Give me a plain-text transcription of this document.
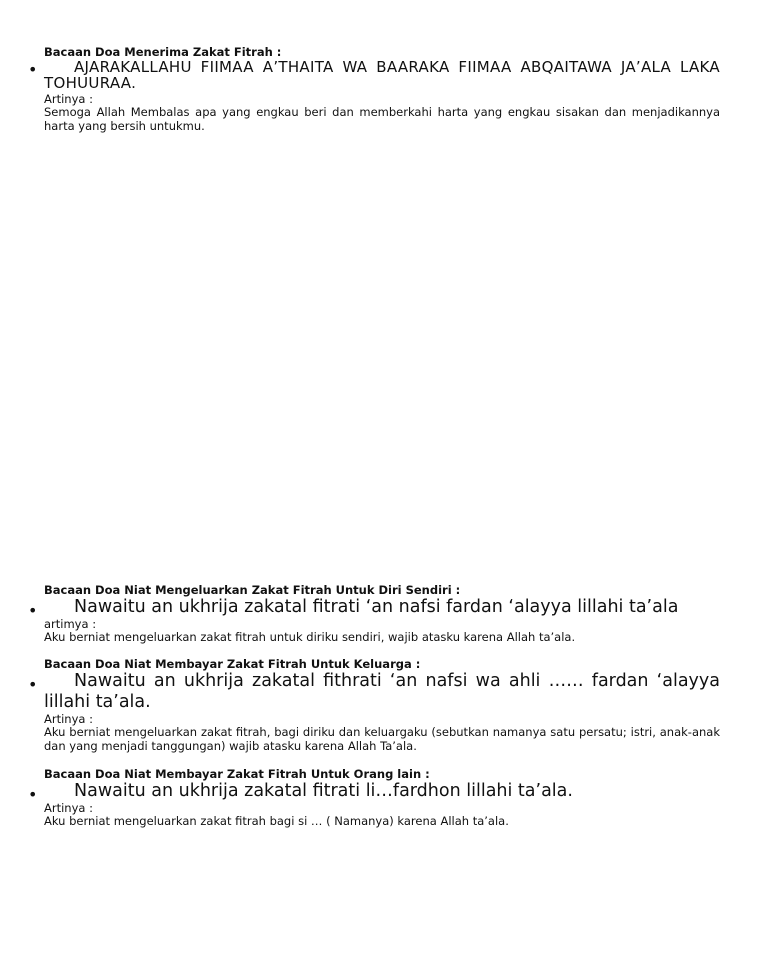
Bacaan Doa Menerima Zakat Fitrah :

•	AJARAKALLAHU FIIMAA A’THAITA WA BAARAKA FIIMAA ABQAITAWA JA’ALA LAKA TOHUURAA.

Artinya :

Semoga Allah Membalas apa yang engkau beri dan memberkahi harta yang engkau sisakan dan menjadikannya harta yang bersih untukmu.

Bacaan Doa Niat Mengeluarkan Zakat Fitrah Untuk Diri Sendiri :

•	Nawaitu an ukhrija zakatal fitrati ‘an nafsi fardan ‘alayya lillahi ta’ala

artimya :

Aku berniat mengeluarkan zakat fitrah untuk diriku sendiri, wajib atasku karena Allah ta’ala.

Bacaan Doa Niat Membayar Zakat Fitrah Untuk Keluarga :

•	Nawaitu an ukhrija zakatal fithrati ‘an nafsi wa ahli …… fardan ‘alayya lillahi ta’ala.

Artinya :

Aku berniat mengeluarkan zakat fitrah, bagi diriku dan keluargaku (sebutkan namanya satu persatu; istri, anak-anak dan yang menjadi tanggungan) wajib atasku karena Allah Ta’ala.

Bacaan Doa Niat Membayar Zakat Fitrah Untuk Orang lain :

•	Nawaitu an ukhrija zakatal fitrati li…fardhon lillahi ta’ala.

Artinya :

Aku berniat mengeluarkan zakat fitrah bagi si … ( Namanya) karena Allah ta’ala.
